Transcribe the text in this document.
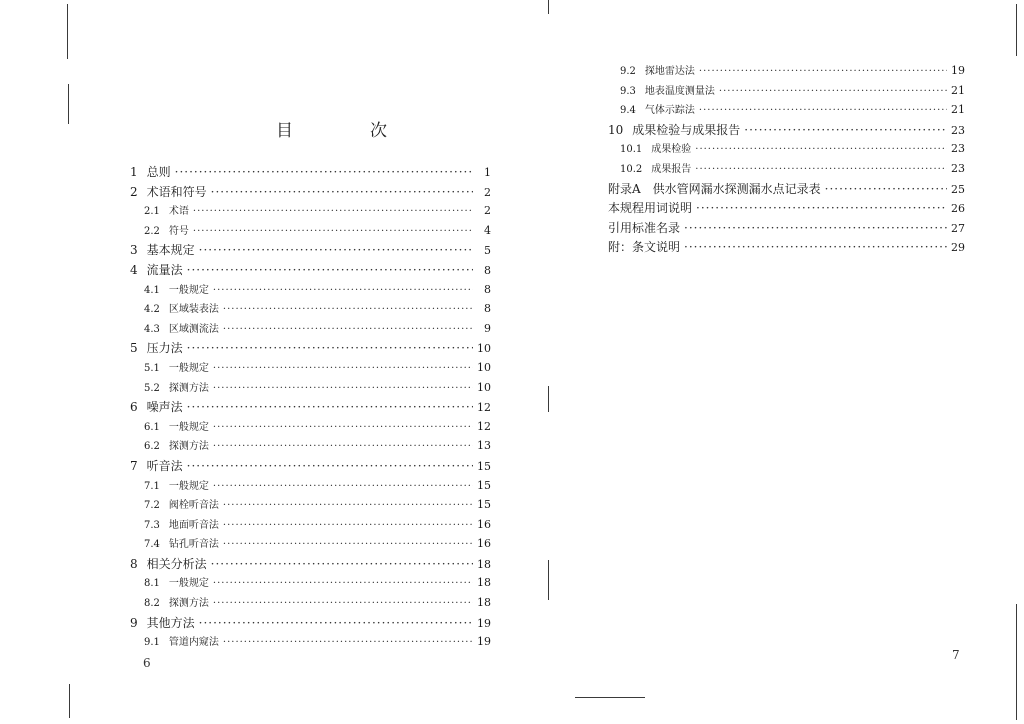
目　次
1 总则 ·····	1
2 术语和符号 ·····	2
2.1 术语 ·····	2
2.2 符号 ·····	4
3 基本规定 ·····	5
4 流量法 ·····	8
4.1 一般规定 ·····	8
4.2 区域装表法 ·····	8
4.3 区域测流法 ·····	9
5 压力法 ·····	10
5.1 一般规定 ·····	10
5.2 探测方法 ·····	10
6 噪声法 ·····	12
6.1 一般规定 ·····	12
6.2 探测方法 ·····	13
7 听音法 ·····	15
7.1 一般规定 ·····	15
7.2 阀栓听音法 ·····	15
7.3 地面听音法 ·····	16
7.4 钻孔听音法 ·····	16
8 相关分析法 ·····	18
8.1 一般规定 ·····	18
8.2 探测方法 ·····	18
9 其他方法 ·····	19
9.1 管道内窥法 ·····	19
9.2 探地雷达法 ·····	19
9.3 地表温度测量法 ·····	21
9.4 气体示踪法 ·····	21
10 成果检验与成果报告 ·····	23
10.1 成果检验 ·····	23
10.2 成果报告 ·····	23
附录A　供水管网漏水探测漏水点记录表 ·····	25
本规程用词说明 ·····	26
引用标准名录 ·····	27
附：条文说明 ·····	29
6
7
